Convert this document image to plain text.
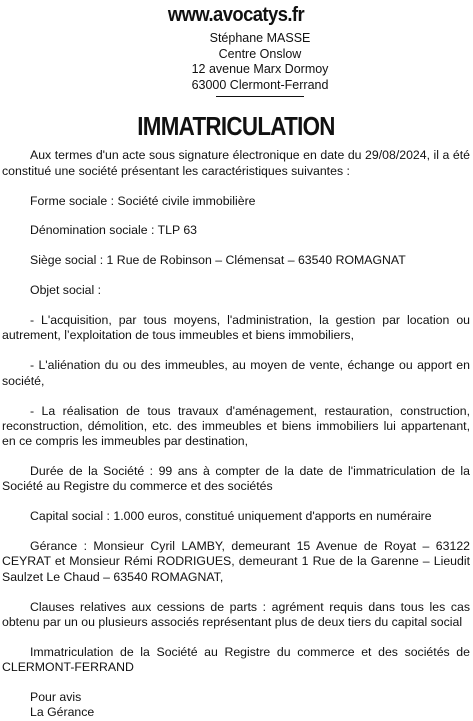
www.avocatys.fr
Stéphane MASSE
Centre Onslow
12 avenue Marx Dormoy
63000 Clermont-Ferrand
IMMATRICULATION

Aux termes d'un acte sous signature électronique en date du 29/08/2024, il a été constitué une société présentant les caractéristiques suivantes :

Forme sociale : Société civile immobilière

Dénomination sociale : TLP 63

Siège social : 1 Rue de Robinson – Clémensat – 63540 ROMAGNAT

Objet social :

- L'acquisition, par tous moyens, l'administration, la gestion par location ou autrement, l’exploitation de tous immeubles et biens immobiliers,

- L'aliénation du ou des immeubles, au moyen de vente, échange ou apport en société,

- La réalisation de tous travaux d'aménagement, restauration, construction, reconstruction, démolition, etc. des immeubles et biens immobiliers lui appartenant, en ce compris les immeubles par destination,

Durée de la Société : 99 ans à compter de la date de l'immatriculation de la Société au Registre du commerce et des sociétés

Capital social : 1.000 euros, constitué uniquement d'apports en numéraire

Gérance : Monsieur Cyril LAMBY, demeurant 15 Avenue de Royat – 63122 CEYRAT et Monsieur Rémi RODRIGUES, demeurant 1 Rue de la Garenne – Lieudit Saulzet Le Chaud – 63540 ROMAGNAT,

Clauses relatives aux cessions de parts : agrément requis dans tous les cas obtenu par un ou plusieurs associés représentant plus de deux tiers du capital social

Immatriculation de la Société au Registre du commerce et des sociétés de CLERMONT-FERRAND

Pour avis

La Gérance
